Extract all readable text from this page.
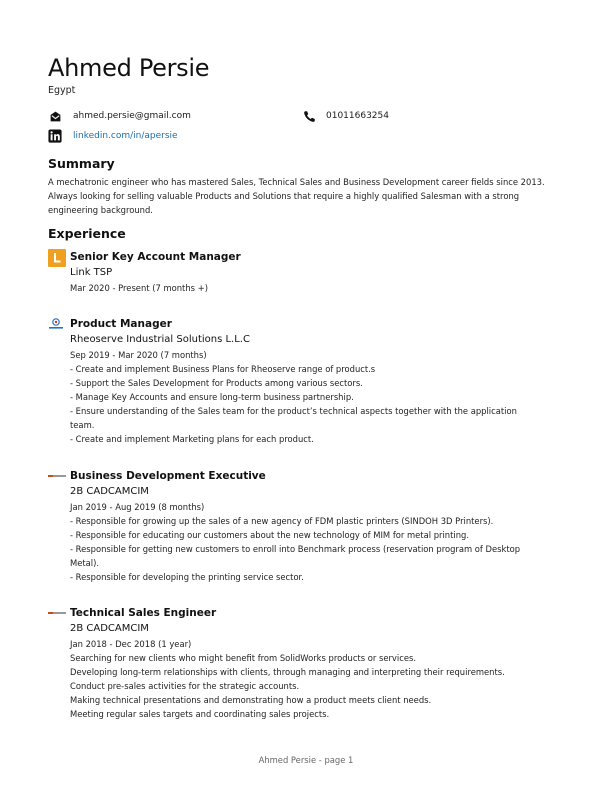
Ahmed Persie
Egypt
ahmed.persie@gmail.com	01011663254
linkedin.com/in/apersie
Summary
A mechatronic engineer who has mastered Sales, Technical Sales and Business Development career fields since 2013. Always looking for selling valuable Products and Solutions that require a highly qualified Salesman with a strong engineering background.
Experience
Senior Key Account Manager
Link TSP
Mar 2020 - Present (7 months +)
Product Manager
Rheoserve Industrial Solutions L.L.C
Sep 2019 - Mar 2020 (7 months)
- Create and implement Business Plans for Rheoserve range of product.s
- Support the Sales Development for Products among various sectors.
- Manage Key Accounts and ensure long-term business partnership.
- Ensure understanding of the Sales team for the product’s technical aspects together with the application team.
- Create and implement Marketing plans for each product.
Business Development Executive
2B CADCAMCIM
Jan 2019 - Aug 2019 (8 months)
- Responsible for growing up the sales of a new agency of FDM plastic printers (SINDOH 3D Printers).
- Responsible for educating our customers about the new technology of MIM for metal printing.
- Responsible for getting new customers to enroll into Benchmark process (reservation program of Desktop Metal).
- Responsible for developing the printing service sector.
Technical Sales Engineer
2B CADCAMCIM
Jan 2018 - Dec 2018 (1 year)
Searching for new clients who might benefit from SolidWorks products or services.
Developing long-term relationships with clients, through managing and interpreting their requirements.
Conduct pre-sales activities for the strategic accounts.
Making technical presentations and demonstrating how a product meets client needs.
Meeting regular sales targets and coordinating sales projects.
Ahmed Persie - page 1
